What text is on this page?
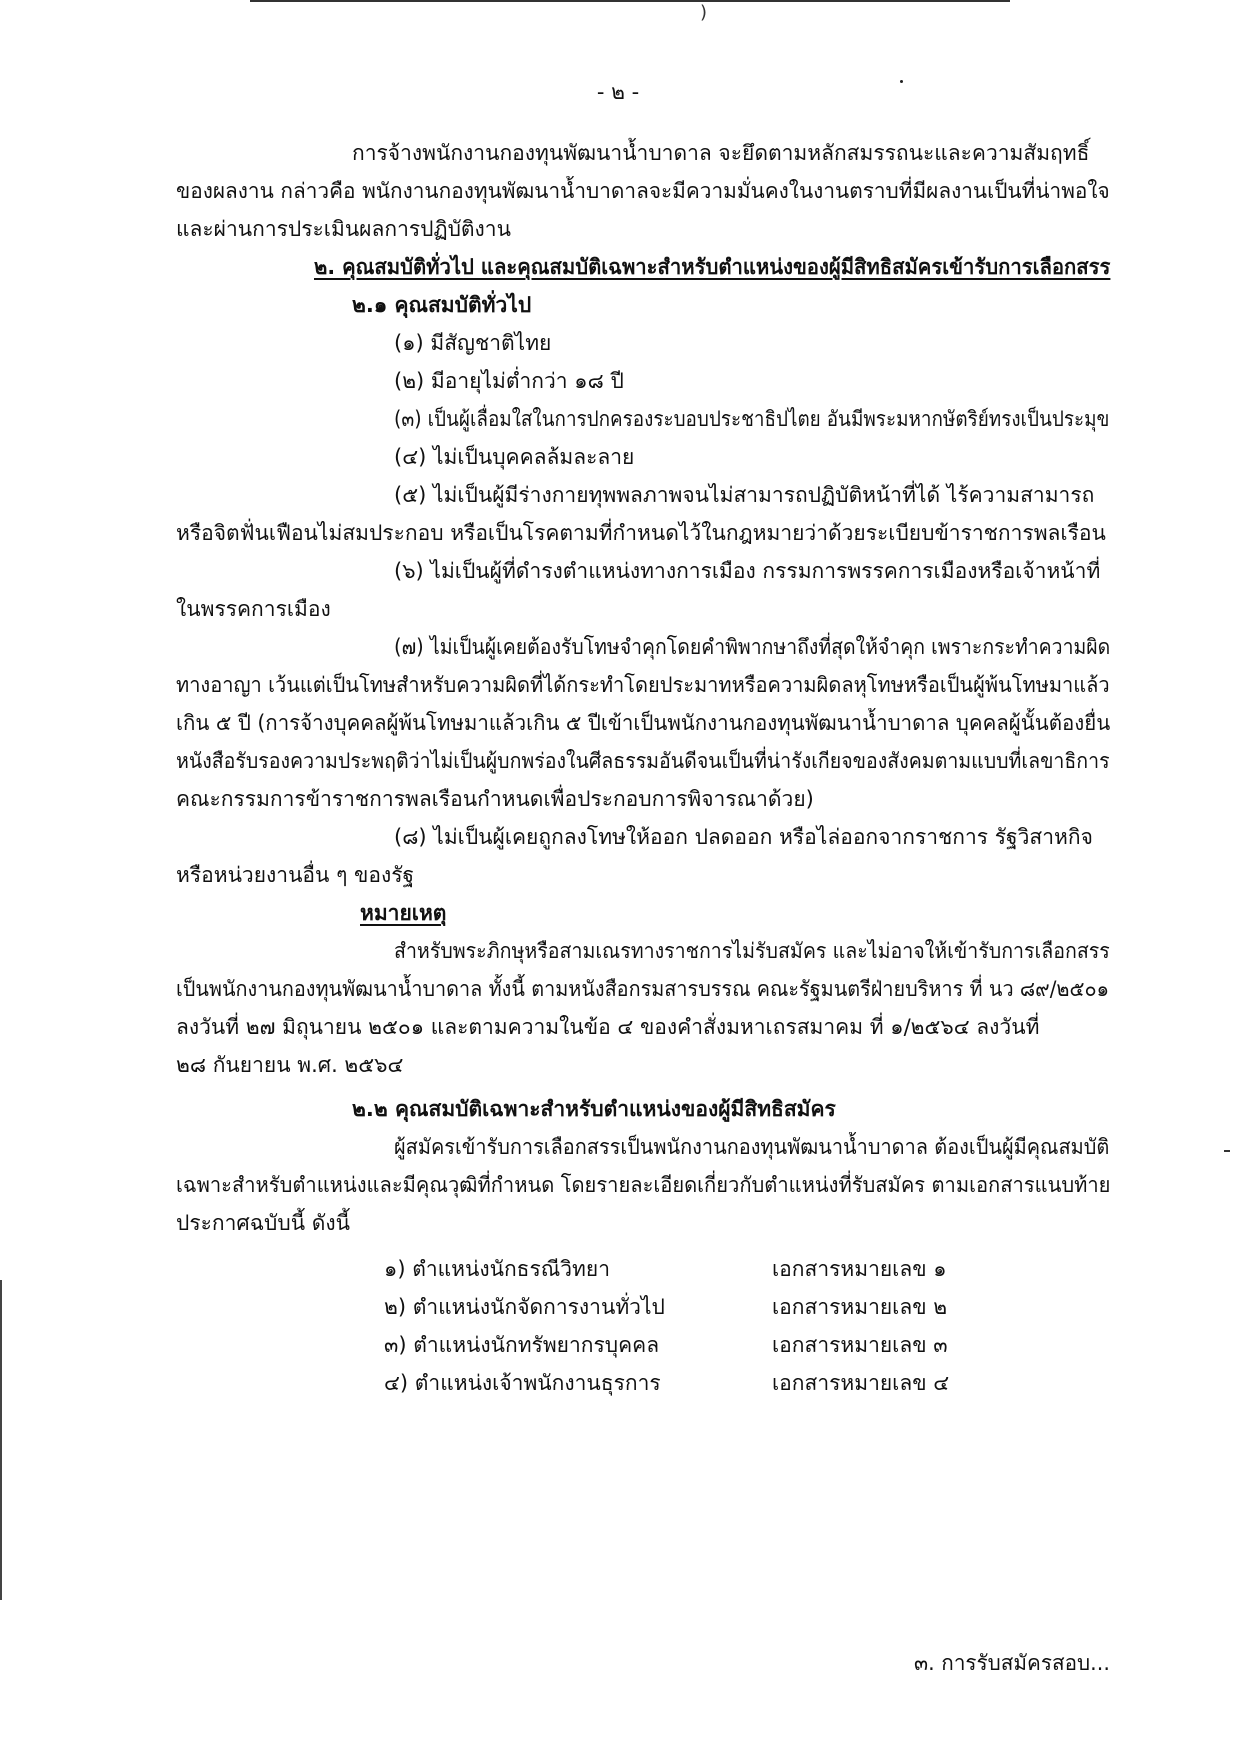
)
- ๒ -
การจ้างพนักงานกองทุนพัฒนาน้ำบาดาล จะยึดตามหลักสมรรถนะและความสัมฤทธิ์
ของผลงาน กล่าวคือ พนักงานกองทุนพัฒนาน้ำบาดาลจะมีความมั่นคงในงานตราบที่มีผลงานเป็นที่น่าพอใจ
และผ่านการประเมินผลการปฏิบัติงาน
๒. คุณสมบัติทั่วไป และคุณสมบัติเฉพาะสำหรับตำแหน่งของผู้มีสิทธิสมัครเข้ารับการเลือกสรร
๒.๑ คุณสมบัติทั่วไป
(๑) มีสัญชาติไทย
(๒) มีอายุไม่ต่ำกว่า ๑๘ ปี
(๓) เป็นผู้เลื่อมใสในการปกครองระบอบประชาธิปไตย อันมีพระมหากษัตริย์ทรงเป็นประมุข
(๔) ไม่เป็นบุคคลล้มละลาย
(๕) ไม่เป็นผู้มีร่างกายทุพพลภาพจนไม่สามารถปฏิบัติหน้าที่ได้ ไร้ความสามารถ
หรือจิตฟั่นเฟือนไม่สมประกอบ หรือเป็นโรคตามที่กำหนดไว้ในกฎหมายว่าด้วยระเบียบข้าราชการพลเรือน
(๖) ไม่เป็นผู้ที่ดำรงตำแหน่งทางการเมือง กรรมการพรรคการเมืองหรือเจ้าหน้าที่
ในพรรคการเมือง
(๗) ไม่เป็นผู้เคยต้องรับโทษจำคุกโดยคำพิพากษาถึงที่สุดให้จำคุก เพราะกระทำความผิด
ทางอาญา เว้นแต่เป็นโทษสำหรับความผิดที่ได้กระทำโดยประมาทหรือความผิดลหุโทษหรือเป็นผู้พ้นโทษมาแล้ว
เกิน ๕ ปี (การจ้างบุคคลผู้พ้นโทษมาแล้วเกิน ๕ ปีเข้าเป็นพนักงานกองทุนพัฒนาน้ำบาดาล บุคคลผู้นั้นต้องยื่น
หนังสือรับรองความประพฤติว่าไม่เป็นผู้บกพร่องในศีลธรรมอันดีจนเป็นที่น่ารังเกียจของสังคมตามแบบที่เลขาธิการ
คณะกรรมการข้าราชการพลเรือนกำหนดเพื่อประกอบการพิจารณาด้วย)
(๘) ไม่เป็นผู้เคยถูกลงโทษให้ออก ปลดออก หรือไล่ออกจากราชการ รัฐวิสาหกิจ
หรือหน่วยงานอื่น ๆ ของรัฐ
หมายเหตุ
สำหรับพระภิกษุหรือสามเณรทางราชการไม่รับสมัคร และไม่อาจให้เข้ารับการเลือกสรร
เป็นพนักงานกองทุนพัฒนาน้ำบาดาล ทั้งนี้ ตามหนังสือกรมสารบรรณ คณะรัฐมนตรีฝ่ายบริหาร ที่ นว ๘๙/๒๕๐๑
ลงวันที่ ๒๗ มิถุนายน ๒๕๐๑ และตามความในข้อ ๔ ของคำสั่งมหาเถรสมาคม ที่ ๑/๒๕๖๔ ลงวันที่
๒๘ กันยายน พ.ศ. ๒๕๖๔
๒.๒ คุณสมบัติเฉพาะสำหรับตำแหน่งของผู้มีสิทธิสมัคร
ผู้สมัครเข้ารับการเลือกสรรเป็นพนักงานกองทุนพัฒนาน้ำบาดาล ต้องเป็นผู้มีคุณสมบัติ
เฉพาะสำหรับตำแหน่งและมีคุณวุฒิที่กำหนด โดยรายละเอียดเกี่ยวกับตำแหน่งที่รับสมัคร ตามเอกสารแนบท้าย
ประกาศฉบับนี้ ดังนี้
๑) ตำแหน่งนักธรณีวิทยา	เอกสารหมายเลข ๑
๒) ตำแหน่งนักจัดการงานทั่วไป	เอกสารหมายเลข ๒
๓) ตำแหน่งนักทรัพยากรบุคคล	เอกสารหมายเลข ๓
๔) ตำแหน่งเจ้าพนักงานธุรการ	เอกสารหมายเลข ๔
๓. การรับสมัครสอบ...
